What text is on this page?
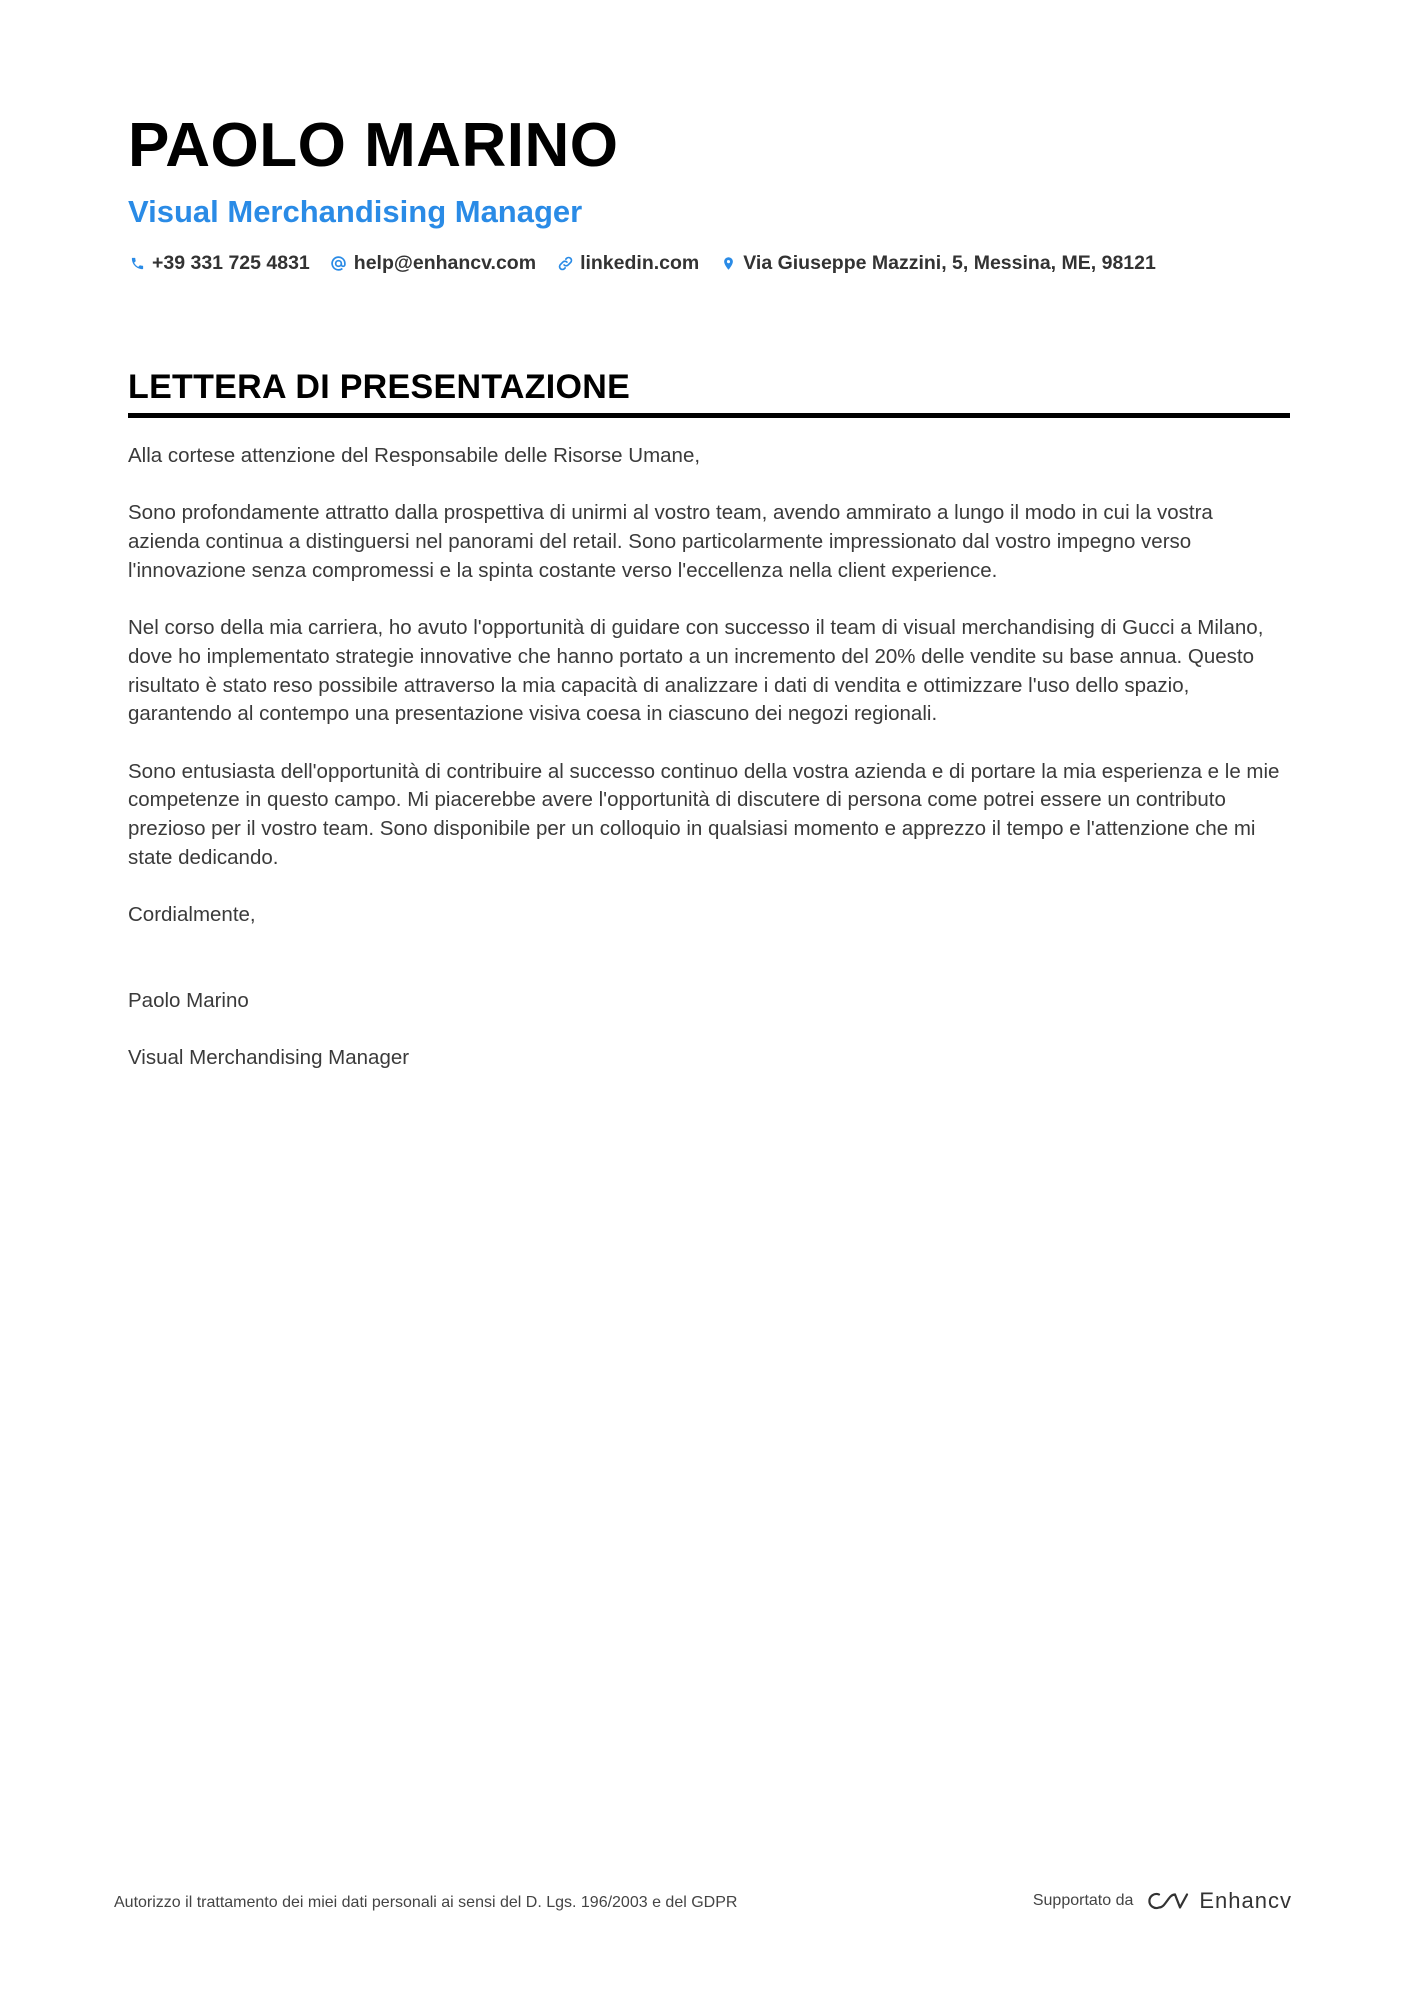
PAOLO MARINO
Visual Merchandising Manager
+39 331 725 4831 help@enhancv.com linkedin.com Via Giuseppe Mazzini, 5, Messina, ME, 98121
LETTERA DI PRESENTAZIONE

Alla cortese attenzione del Responsabile delle Risorse Umane,

Sono profondamente attratto dalla prospettiva di unirmi al vostro team, avendo ammirato a lungo il modo in cui la vostra azienda continua a distinguersi nel panorami del retail. Sono particolarmente impressionato dal vostro impegno verso l'innovazione senza compromessi e la spinta costante verso l'eccellenza nella client experience.

Nel corso della mia carriera, ho avuto l'opportunità di guidare con successo il team di visual merchandising di Gucci a Milano, dove ho implementato strategie innovative che hanno portato a un incremento del 20% delle vendite su base annua. Questo risultato è stato reso possibile attraverso la mia capacità di analizzare i dati di vendita e ottimizzare l'uso dello spazio, garantendo al contempo una presentazione visiva coesa in ciascuno dei negozi regionali.

Sono entusiasta dell'opportunità di contribuire al successo continuo della vostra azienda e di portare la mia esperienza e le mie competenze in questo campo. Mi piacerebbe avere l'opportunità di discutere di persona come potrei essere un contributo prezioso per il vostro team. Sono disponibile per un colloquio in qualsiasi momento e apprezzo il tempo e l'attenzione che mi state dedicando.

Cordialmente,

Paolo Marino

Visual Merchandising Manager

Autorizzo il trattamento dei miei dati personali ai sensi del D. Lgs. 196/2003 e del GDPR	Supportato da	Enhancv
